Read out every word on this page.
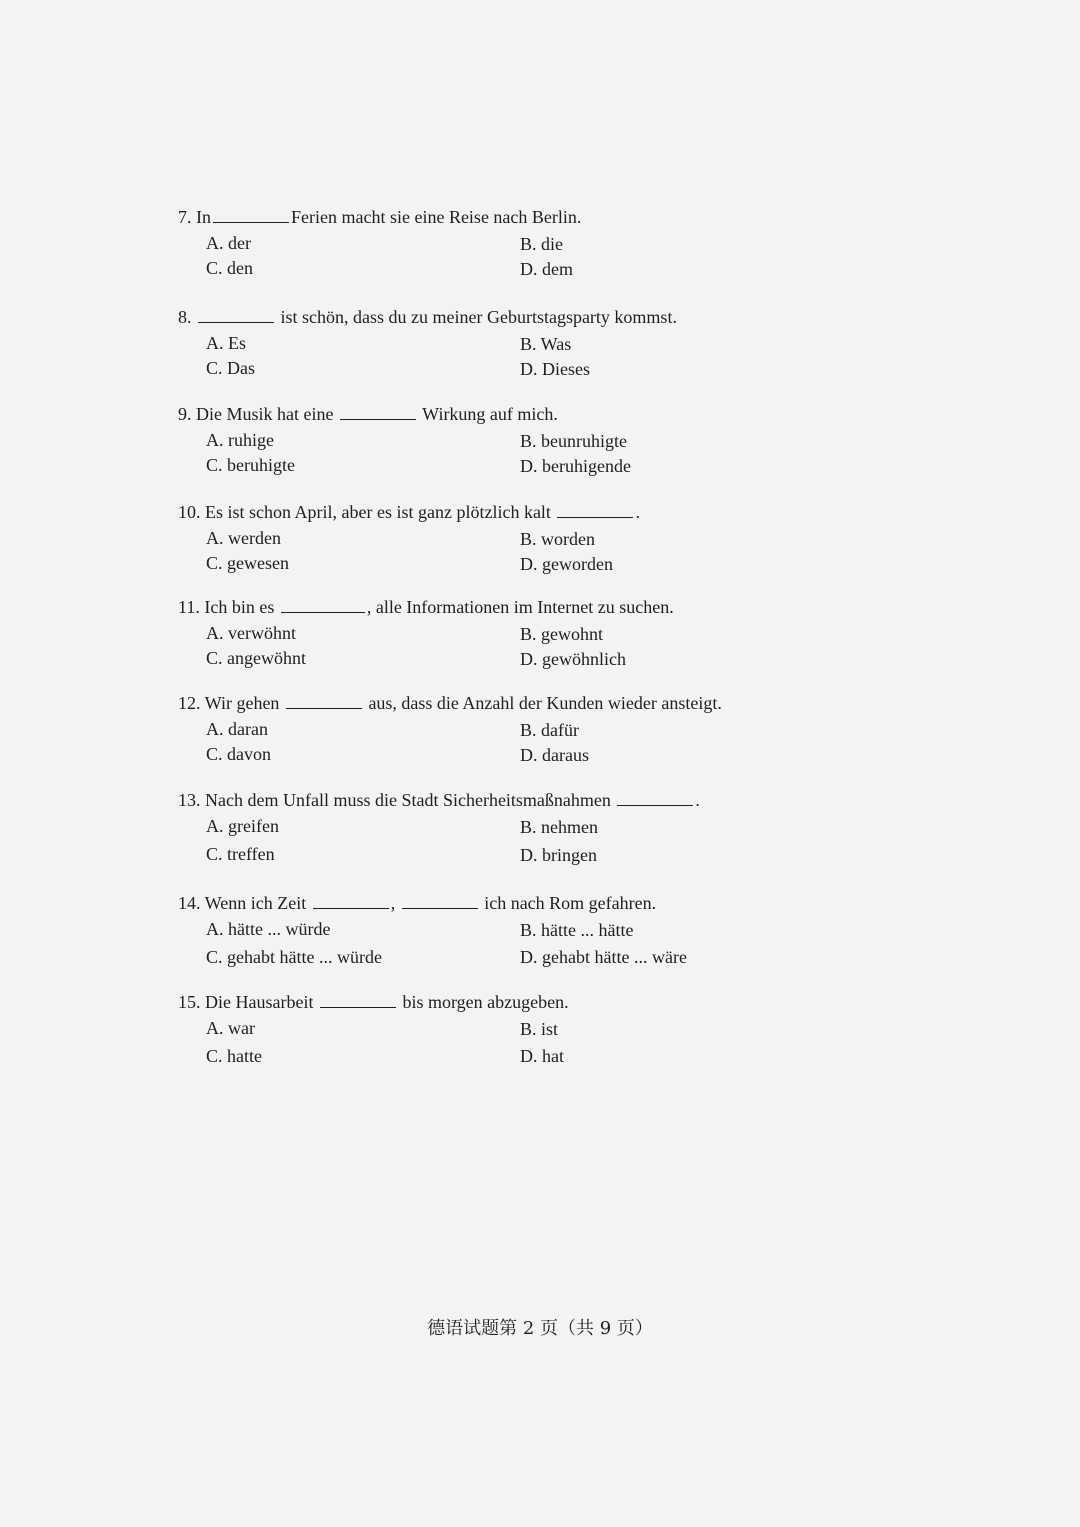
7. In	Ferien macht sie eine Reise nach Berlin.
A. der	B. die
C. den	D. dem
8.	ist schön, dass du zu meiner Geburtstagsparty kommst.
A. Es	B. Was
C. Das	D. Dieses
9. Die Musik hat eine	Wirkung auf mich.
A. ruhige	B. beunruhigte
C. beruhigte	D. beruhigende
10. Es ist schon April, aber es ist ganz plötzlich kalt	.
A. werden	B. worden
C. gewesen	D. geworden
11. Ich bin es	, alle Informationen im Internet zu suchen.
A. verwöhnt	B. gewohnt
C. angewöhnt	D. gewöhnlich
12. Wir gehen	aus, dass die Anzahl der Kunden wieder ansteigt.
A. daran	B. dafür
C. davon	D. daraus
13. Nach dem Unfall muss die Stadt Sicherheitsmaßnahmen	.
A. greifen	B. nehmen
C. treffen	D. bringen
14. Wenn ich Zeit	,	ich nach Rom gefahren.
A. hätte ... würde	B. hätte ... hätte
C. gehabt hätte ... würde	D. gehabt hätte ... wäre
15. Die Hausarbeit	bis morgen abzugeben.
A. war	B. ist
C. hatte	D. hat
德语试题第 2 页（共 9 页）
